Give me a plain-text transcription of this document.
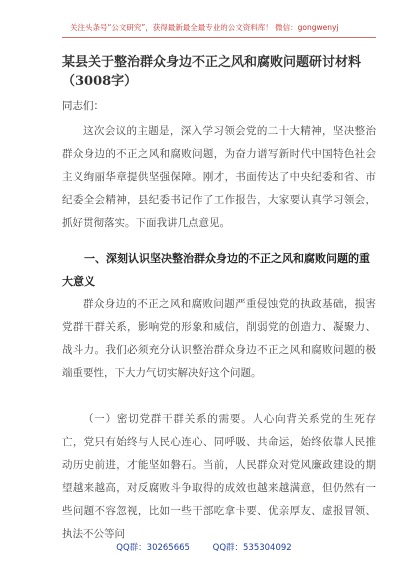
关注头条号“公文研究”，获得最新最全最专业的公文资料库！ 微信：gongwenyj
某县关于整治群众身边不正之风和腐败问题研讨材料（3008字）
同志们：
这次会议的主题是，深入学习领会党的二十大精神，坚决整治群众身边的不正之风和腐败问题，为奋力谱写新时代中国特色社会主义绚丽华章提供坚强保障。刚才，书面传达了中央纪委和省、市纪委全会精神，县纪委书记作了工作报告，大家要认真学习领会，抓好贯彻落实。下面我讲几点意见。
一、深刻认识坚决整治群众身边的不正之风和腐败问题的重大意义
群众身边的不正之风和腐败问题严重侵蚀党的执政基础，损害党群干群关系，影响党的形象和威信，削弱党的创造力、凝聚力、战斗力。我们必须充分认识整治群众身边不正之风和腐败问题的极端重要性，下大力气切实解决好这个问题。
（一）密切党群干群关系的需要。人心向背关系党的生死存亡，党只有始终与人民心连心、同呼吸、共命运，始终依靠人民推动历史前进，才能坚如磐石。当前，人民群众对党风廉政建设的期望越来越高，对反腐败斗争取得的成效也越来越满意，但仍然有一些问题不容忽视，比如一些干部吃拿卡要、优亲厚友、虚报冒领、执法不公等问
QQ群：30265665	QQ群：535304092
